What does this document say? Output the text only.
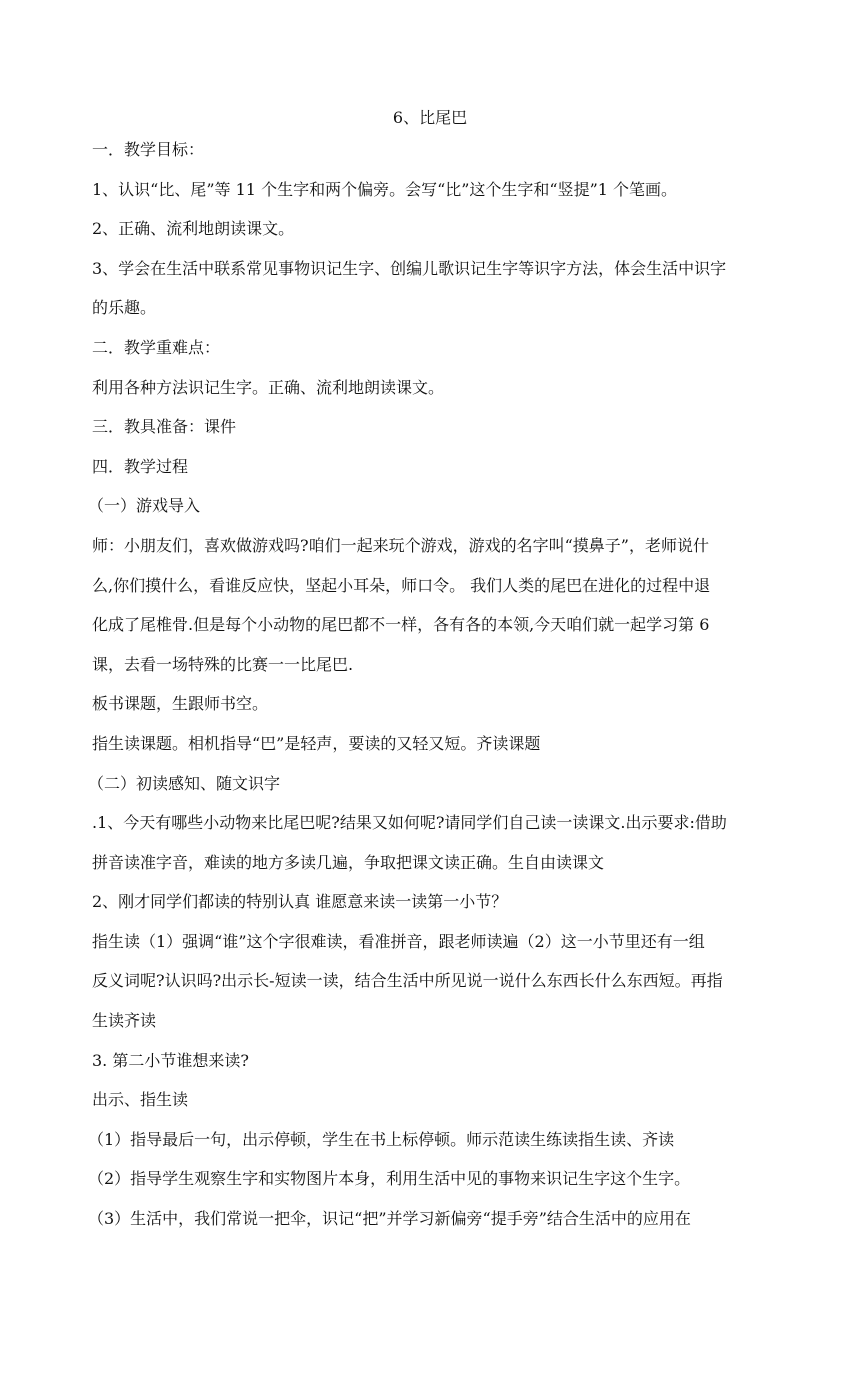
6、比尾巴
一．教学目标：
1、认识“比、尾”等 11 个生字和两个偏旁。会写“比”这个生字和“竖提”1 个笔画。
2、正确、流利地朗读课文。
3、学会在生活中联系常见事物识记生字、创编儿歌识记生字等识字方法，体会生活中识字
的乐趣。
二．教学重难点：
利用各种方法识记生字。正确、流利地朗读课文。
三．教具准备：课件
四．教学过程
（一）游戏导入
师：小朋友们，喜欢做游戏吗?咱们一起来玩个游戏，游戏的名字叫“摸鼻子”，老师说什
么,你们摸什么，看谁反应快，坚起小耳朵，师口令。 我们人类的尾巴在进化的过程中退
化成了尾椎骨.但是每个小动物的尾巴都不一样，各有各的本领,今天咱们就一起学习第 6
课，去看一场特殊的比赛一一比尾巴.
板书课题，生跟师书空。
指生读课题。相机指导“巴”是轻声，要读的又轻又短。齐读课题
（二）初读感知、随文识字
.1、今天有哪些小动物来比尾巴呢?结果又如何呢?请同学们自己读一读课文.出示要求:借助
拼音读准字音，难读的地方多读几遍，争取把课文读正确。生自由读课文
2、刚才同学们都读的特别认真 谁愿意来读一读第一小节？
指生读（1）强调“谁”这个字很难读，看准拼音，跟老师读遍（2）这一小节里还有一组
反义词呢?认识吗?出示长-短读一读，结合生活中所见说一说什么东西长什么东西短。再指
生读齐读
3. 第二小节谁想来读?
出示、指生读
（1）指导最后一句，出示停顿，学生在书上标停顿。师示范读生练读指生读、齐读
（2）指导学生观察生字和实物图片本身，利用生活中见的事物来识记生字这个生字。
（3）生活中，我们常说一把伞，识记“把”并学习新偏旁“提手旁”结合生活中的应用在
